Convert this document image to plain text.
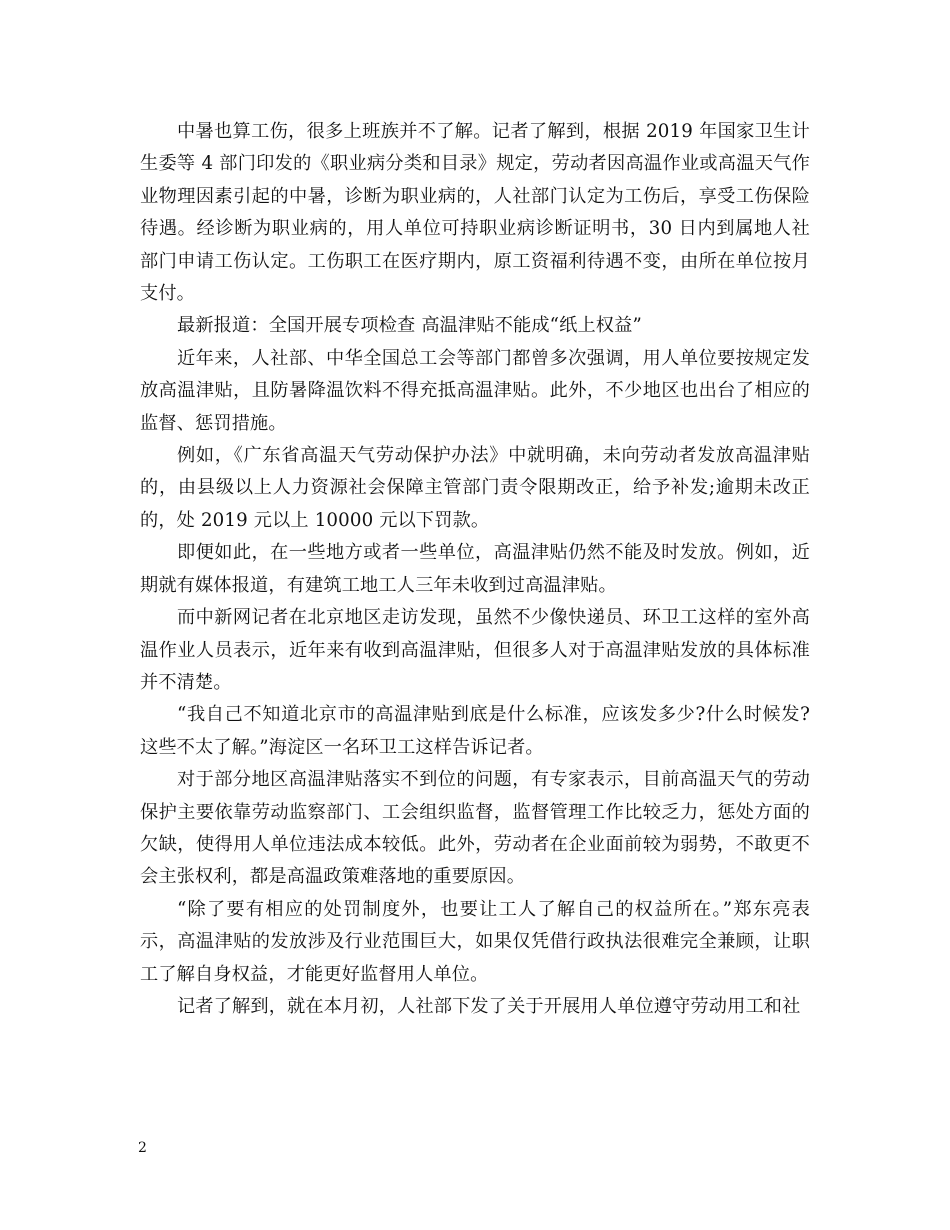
中暑也算工伤，很多上班族并不了解。记者了解到，根据 2019 年国家卫生计生委等 4 部门印发的《职业病分类和目录》规定，劳动者因高温作业或高温天气作业物理因素引起的中暑，诊断为职业病的，人社部门认定为工伤后，享受工伤保险待遇。经诊断为职业病的，用人单位可持职业病诊断证明书，30 日内到属地人社部门申请工伤认定。工伤职工在医疗期内，原工资福利待遇不变，由所在单位按月支付。

最新报道：全国开展专项检查 高温津贴不能成“纸上权益”

近年来，人社部、中华全国总工会等部门都曾多次强调，用人单位要按规定发放高温津贴，且防暑降温饮料不得充抵高温津贴。此外，不少地区也出台了相应的监督、惩罚措施。

例如，《广东省高温天气劳动保护办法》中就明确，未向劳动者发放高温津贴的，由县级以上人力资源社会保障主管部门责令限期改正，给予补发;逾期未改正的，处 2019 元以上 10000 元以下罚款。

即便如此，在一些地方或者一些单位，高温津贴仍然不能及时发放。例如，近期就有媒体报道，有建筑工地工人三年未收到过高温津贴。

而中新网记者在北京地区走访发现，虽然不少像快递员、环卫工这样的室外高温作业人员表示，近年来有收到高温津贴，但很多人对于高温津贴发放的具体标准并不清楚。

“我自己不知道北京市的高温津贴到底是什么标准，应该发多少?什么时候发?这些不太了解。”海淀区一名环卫工这样告诉记者。

对于部分地区高温津贴落实不到位的问题，有专家表示，目前高温天气的劳动保护主要依靠劳动监察部门、工会组织监督，监督管理工作比较乏力，惩处方面的欠缺，使得用人单位违法成本较低。此外，劳动者在企业面前较为弱势，不敢更不会主张权利，都是高温政策难落地的重要原因。

“除了要有相应的处罚制度外，也要让工人了解自己的权益所在。”郑东亮表示，高温津贴的发放涉及行业范围巨大，如果仅凭借行政执法很难完全兼顾，让职工了解自身权益，才能更好监督用人单位。

记者了解到，就在本月初，人社部下发了关于开展用人单位遵守劳动用工和社

2
